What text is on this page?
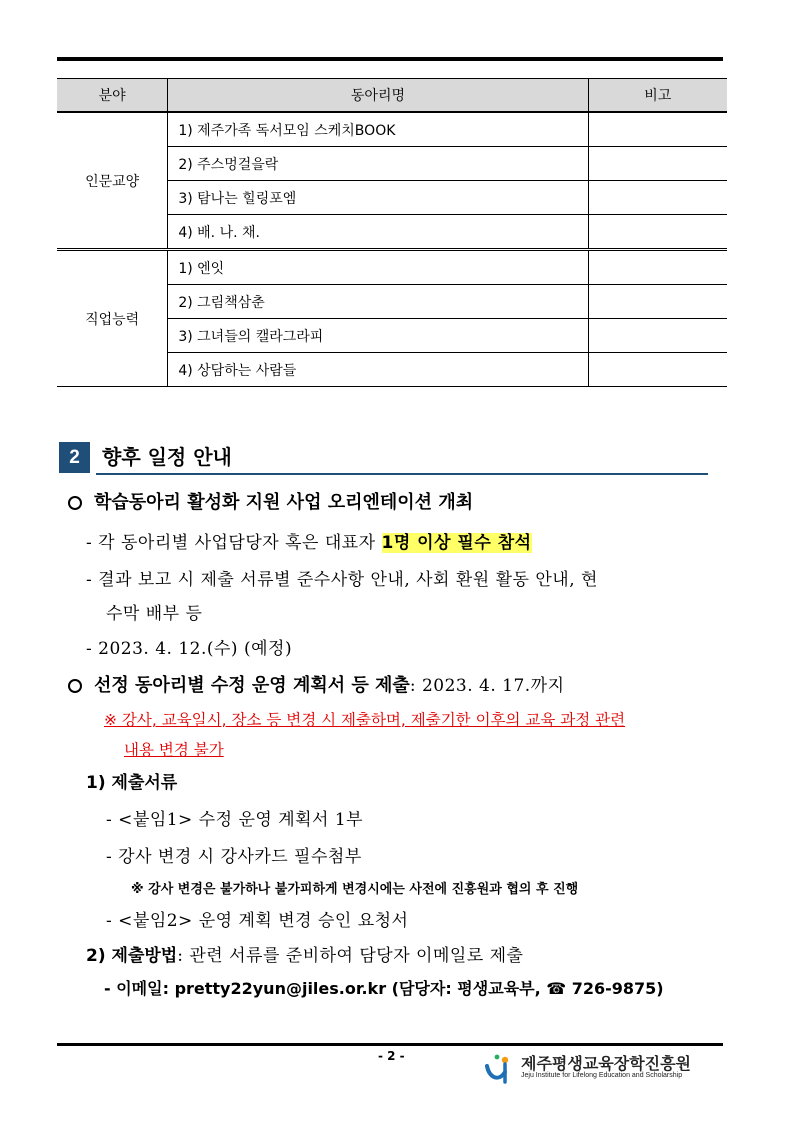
분야	동아리명	비고
인문교양	1) 제주가족 독서모임 스케치BOOK	
	2) 주스멍걸을락	
	3) 탐나는 힐링포엠	
	4) 배. 나. 채.	
직업능력	1) 엔잇	
	2) 그림책삼춘	
	3) 그녀들의 캘라그라피	
	4) 상담하는 사람들	
2	향후 일정 안내
학습동아리 활성화 지원 사업 오리엔테이션 개최
- 각 동아리별 사업담당자 혹은 대표자 1명 이상 필수 참석
- 결과 보고 시 제출 서류별 준수사항 안내, 사회 환원 활동 안내, 현
수막 배부 등
- 2023. 4. 12.(수) (예정)
선정 동아리별 수정 운영 계획서 등 제출: 2023. 4. 17.까지
※ 강사, 교육일시, 장소 등 변경 시 제출하며, 제출기한 이후의 교육 과정 관련
내용 변경 불가
1) 제출서류
- <붙임1> 수정 운영 계획서 1부
- 강사 변경 시 강사카드 필수첨부
※ 강사 변경은 불가하나 불가피하게 변경시에는 사전에 진흥원과 협의 후 진행
- <붙임2> 운영 계획 변경 승인 요청서
2) 제출방법: 관련 서류를 준비하여 담당자 이메일로 제출
- 이메일: pretty22yun@jiles.or.kr (담당자: 평생교육부, ☎ 726-9875)
- 2 -	제주평생교육장학진흥원
Jeju Institute for Lifelong Education and Scholarship
